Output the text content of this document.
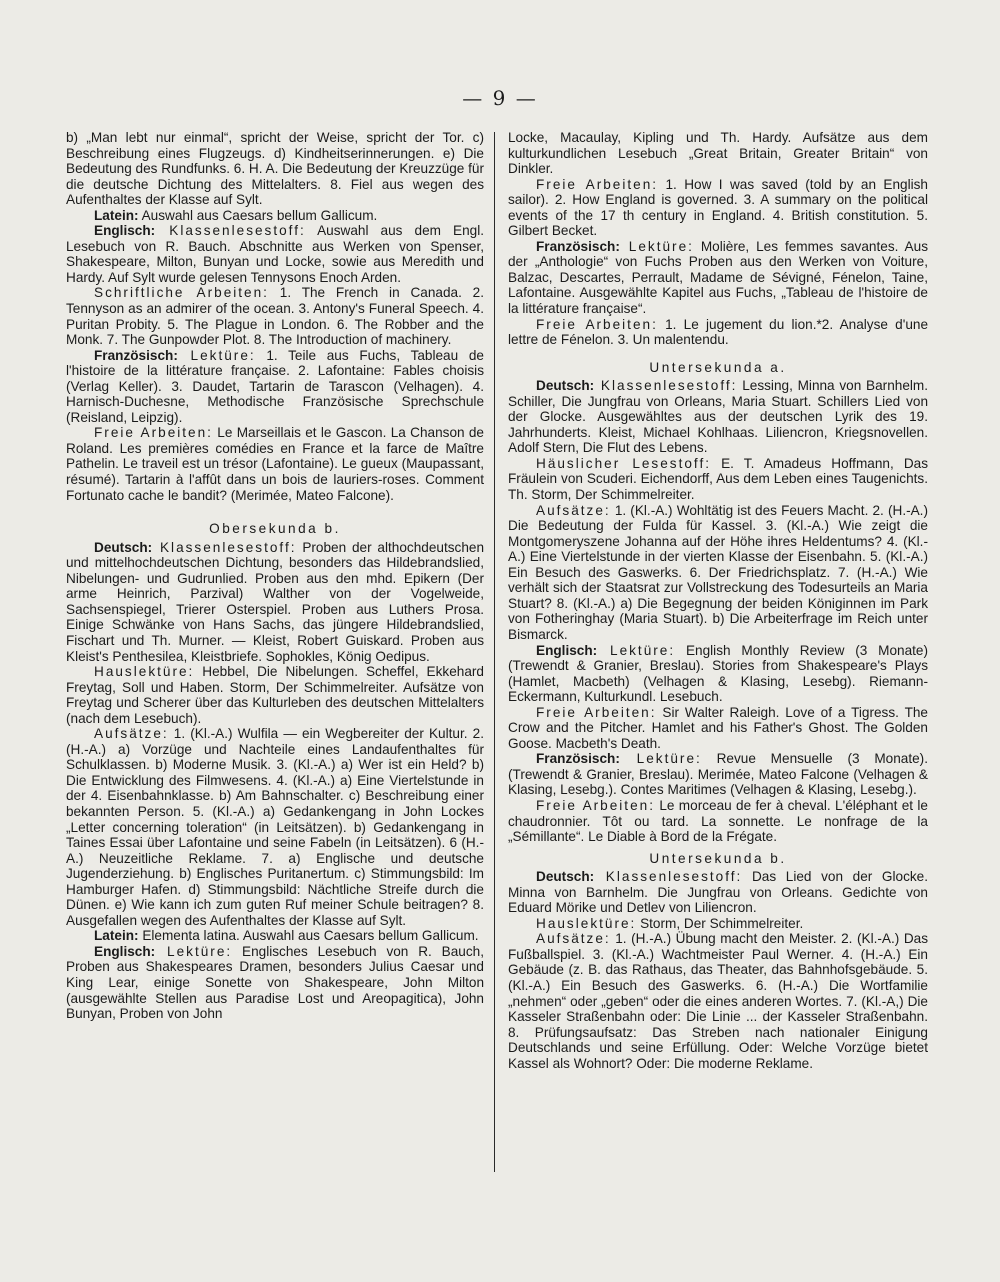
— 9 —

b) „Man lebt nur einmal“, spricht der Weise, spricht der Tor. c) Beschreibung eines Flugzeugs. d) Kindheitserinnerungen. e) Die Bedeutung des Rundfunks. 6. H. A. Die Bedeutung der Kreuzzüge für die deutsche Dichtung des Mittelalters. 8. Fiel aus wegen des Aufenthaltes der Klasse auf Sylt.

Latein: Auswahl aus Caesars bellum Gallicum.

Englisch: Klassenlesestoff: Auswahl aus dem Engl. Lesebuch von R. Bauch. Abschnitte aus Werken von Spenser, Shakespeare, Milton, Bunyan und Locke, sowie aus Meredith und Hardy. Auf Sylt wurde gelesen Tennysons Enoch Arden.

Schriftliche Arbeiten: 1. The French in Canada. 2. Tennyson as an admirer of the ocean. 3. Antony's Funeral Speech. 4. Puritan Probity. 5. The Plague in London. 6. The Robber and the Monk. 7. The Gunpowder Plot. 8. The Introduction of machinery.

Französisch: Lektüre: 1. Teile aus Fuchs, Tableau de l'histoire de la littérature française. 2. Lafontaine: Fables choisis (Verlag Keller). 3. Daudet, Tartarin de Tarascon (Velhagen). 4. Harnisch-Duchesne, Methodische Französische Sprechschule (Reisland, Leipzig).

Freie Arbeiten: Le Marseillais et le Gascon. La Chanson de Roland. Les premières comédies en France et la farce de Maître Pathelin. Le traveil est un trésor (Lafontaine). Le gueux (Maupassant, résumé). Tartarin à l'affût dans un bois de lauriers-roses. Comment Fortunato cache le bandit? (Merimée, Mateo Falcone).

Obersekunda b.

Deutsch: Klassenlesestoff: Proben der althochdeutschen und mittelhochdeutschen Dichtung, besonders das Hildebrandslied, Nibelungen- und Gudrunlied. Proben aus den mhd. Epikern (Der arme Heinrich, Parzival) Walther von der Vogelweide, Sachsenspiegel, Trierer Osterspiel. Proben aus Luthers Prosa. Einige Schwänke von Hans Sachs, das jüngere Hildebrandslied, Fischart und Th. Murner. — Kleist, Robert Guiskard. Proben aus Kleist's Penthesilea, Kleistbriefe. Sophokles, König Oedipus.

Hauslektüre: Hebbel, Die Nibelungen. Scheffel, Ekkehard Freytag, Soll und Haben. Storm, Der Schimmelreiter. Aufsätze von Freytag und Scherer über das Kulturleben des deutschen Mittelalters (nach dem Lesebuch).

Aufsätze: 1. (Kl.-A.) Wulfila — ein Wegbereiter der Kultur. 2. (H.-A.) a) Vorzüge und Nachteile eines Landaufenthaltes für Schulklassen. b) Moderne Musik. 3. (Kl.-A.) a) Wer ist ein Held? b) Die Entwicklung des Filmwesens. 4. (Kl.-A.) a) Eine Viertelstunde in der 4. Eisenbahnklasse. b) Am Bahnschalter. c) Beschreibung einer bekannten Person. 5. (Kl.-A.) a) Gedankengang in John Lockes „Letter concerning toleration“ (in Leitsätzen). b) Gedankengang in Taines Essai über Lafontaine und seine Fabeln (in Leitsätzen). 6 (H.-A.) Neuzeitliche Reklame. 7. a) Englische und deutsche Jugenderziehung. b) Englisches Puritanertum. c) Stimmungsbild: Im Hamburger Hafen. d) Stimmungsbild: Nächtliche Streife durch die Dünen. e) Wie kann ich zum guten Ruf meiner Schule beitragen? 8. Ausgefallen wegen des Aufenthaltes der Klasse auf Sylt.

Latein: Elementa latina. Auswahl aus Caesars bellum Gallicum.

Englisch: Lektüre: Englisches Lesebuch von R. Bauch, Proben aus Shakespeares Dramen, besonders Julius Caesar und King Lear, einige Sonette von Shakespeare, John Milton (ausgewählte Stellen aus Paradise Lost und Areopagitica), John Bunyan, Proben von John

Locke, Macaulay, Kipling und Th. Hardy. Aufsätze aus dem kulturkundlichen Lesebuch „Great Britain, Greater Britain“ von Dinkler.

Freie Arbeiten: 1. How I was saved (told by an English sailor). 2. How England is governed. 3. A summary on the political events of the 17 th century in England. 4. British constitution. 5. Gilbert Becket.

Französisch: Lektüre: Molière, Les femmes savantes. Aus der „Anthologie“ von Fuchs Proben aus den Werken von Voiture, Balzac, Descartes, Perrault, Madame de Sévigné, Fénelon, Taine, Lafontaine. Ausgewählte Kapitel aus Fuchs, „Tableau de l'histoire de la littérature française“.

Freie Arbeiten: 1. Le jugement du lion.*2. Analyse d'une lettre de Fénelon. 3. Un malentendu.

Untersekunda a.

Deutsch: Klassenlesestoff: Lessing, Minna von Barnhelm. Schiller, Die Jungfrau von Orleans, Maria Stuart. Schillers Lied von der Glocke. Ausgewähltes aus der deutschen Lyrik des 19. Jahrhunderts. Kleist, Michael Kohlhaas. Liliencron, Kriegsnovellen. Adolf Stern, Die Flut des Lebens.

Häuslicher Lesestoff: E. T. Amadeus Hoffmann, Das Fräulein von Scuderi. Eichendorff, Aus dem Leben eines Taugenichts. Th. Storm, Der Schimmelreiter.

Aufsätze: 1. (Kl.-A.) Wohltätig ist des Feuers Macht. 2. (H.-A.) Die Bedeutung der Fulda für Kassel. 3. (Kl.-A.) Wie zeigt die Montgomeryszene Johanna auf der Höhe ihres Heldentums? 4. (Kl.-A.) Eine Viertelstunde in der vierten Klasse der Eisenbahn. 5. (Kl.-A.) Ein Besuch des Gaswerks. 6. Der Friedrichsplatz. 7. (H.-A.) Wie verhält sich der Staatsrat zur Vollstreckung des Todesurteils an Maria Stuart? 8. (Kl.-A.) a) Die Begegnung der beiden Königinnen im Park von Fotheringhay (Maria Stuart). b) Die Arbeiterfrage im Reich unter Bismarck.

Englisch: Lektüre: English Monthly Review (3 Monate) (Trewendt & Granier, Breslau). Stories from Shakespeare's Plays (Hamlet, Macbeth) (Velhagen & Klasing, Lesebg). Riemann-Eckermann, Kulturkundl. Lesebuch.

Freie Arbeiten: Sir Walter Raleigh. Love of a Tigress. The Crow and the Pitcher. Hamlet and his Father's Ghost. The Golden Goose. Macbeth's Death.

Französisch: Lektüre: Revue Mensuelle (3 Monate). (Trewendt & Granier, Breslau). Merimée, Mateo Falcone (Velhagen & Klasing, Lesebg.). Contes Maritimes (Velhagen & Klasing, Lesebg.).

Freie Arbeiten: Le morceau de fer à cheval. L'éléphant et le chaudronnier. Tôt ou tard. La sonnette. Le nonfrage de la „Sémillante“. Le Diable à Bord de la Frégate.

Untersekunda b.

Deutsch: Klassenlesestoff: Das Lied von der Glocke. Minna von Barnhelm. Die Jungfrau von Orleans. Gedichte von Eduard Mörike und Detlev von Liliencron.

Hauslektüre: Storm, Der Schimmelreiter.

Aufsätze: 1. (H.-A.) Übung macht den Meister. 2. (Kl.-A.) Das Fußballspiel. 3. (Kl.-A.) Wachtmeister Paul Werner. 4. (H.-A.) Ein Gebäude (z. B. das Rathaus, das Theater, das Bahnhofsgebäude. 5. (Kl.-A.) Ein Besuch des Gaswerks. 6. (H.-A.) Die Wortfamilie „nehmen“ oder „geben“ oder die eines anderen Wortes. 7. (Kl.-A,) Die Kasseler Straßenbahn oder: Die Linie ... der Kasseler Straßenbahn. 8. Prüfungsaufsatz: Das Streben nach nationaler Einigung Deutschlands und seine Erfüllung. Oder: Welche Vorzüge bietet Kassel als Wohnort? Oder: Die moderne Reklame.
